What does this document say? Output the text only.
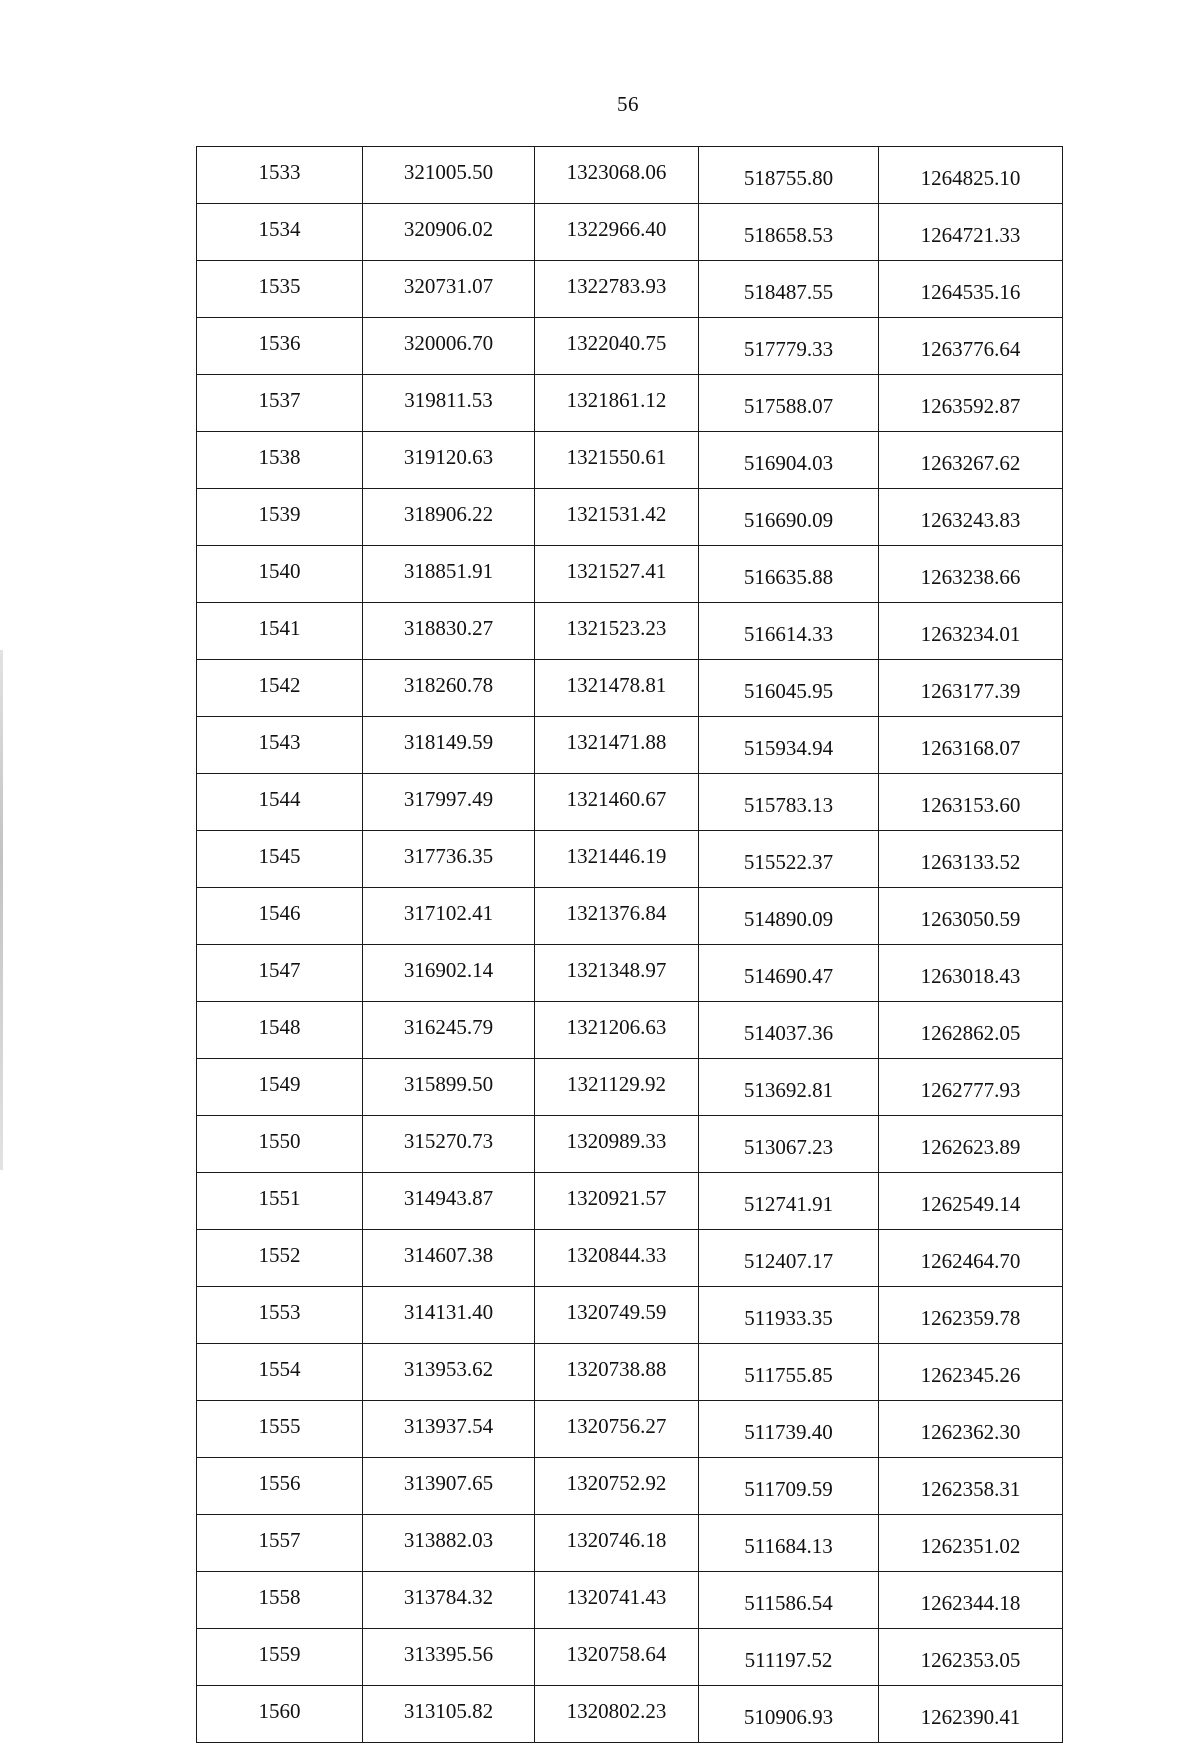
56
1533	321005.50	1323068.06	518755.80	1264825.10
1534	320906.02	1322966.40	518658.53	1264721.33
1535	320731.07	1322783.93	518487.55	1264535.16
1536	320006.70	1322040.75	517779.33	1263776.64
1537	319811.53	1321861.12	517588.07	1263592.87
1538	319120.63	1321550.61	516904.03	1263267.62
1539	318906.22	1321531.42	516690.09	1263243.83
1540	318851.91	1321527.41	516635.88	1263238.66
1541	318830.27	1321523.23	516614.33	1263234.01
1542	318260.78	1321478.81	516045.95	1263177.39
1543	318149.59	1321471.88	515934.94	1263168.07
1544	317997.49	1321460.67	515783.13	1263153.60
1545	317736.35	1321446.19	515522.37	1263133.52
1546	317102.41	1321376.84	514890.09	1263050.59
1547	316902.14	1321348.97	514690.47	1263018.43
1548	316245.79	1321206.63	514037.36	1262862.05
1549	315899.50	1321129.92	513692.81	1262777.93
1550	315270.73	1320989.33	513067.23	1262623.89
1551	314943.87	1320921.57	512741.91	1262549.14
1552	314607.38	1320844.33	512407.17	1262464.70
1553	314131.40	1320749.59	511933.35	1262359.78
1554	313953.62	1320738.88	511755.85	1262345.26
1555	313937.54	1320756.27	511739.40	1262362.30
1556	313907.65	1320752.92	511709.59	1262358.31
1557	313882.03	1320746.18	511684.13	1262351.02
1558	313784.32	1320741.43	511586.54	1262344.18
1559	313395.56	1320758.64	511197.52	1262353.05
1560	313105.82	1320802.23	510906.93	1262390.41
